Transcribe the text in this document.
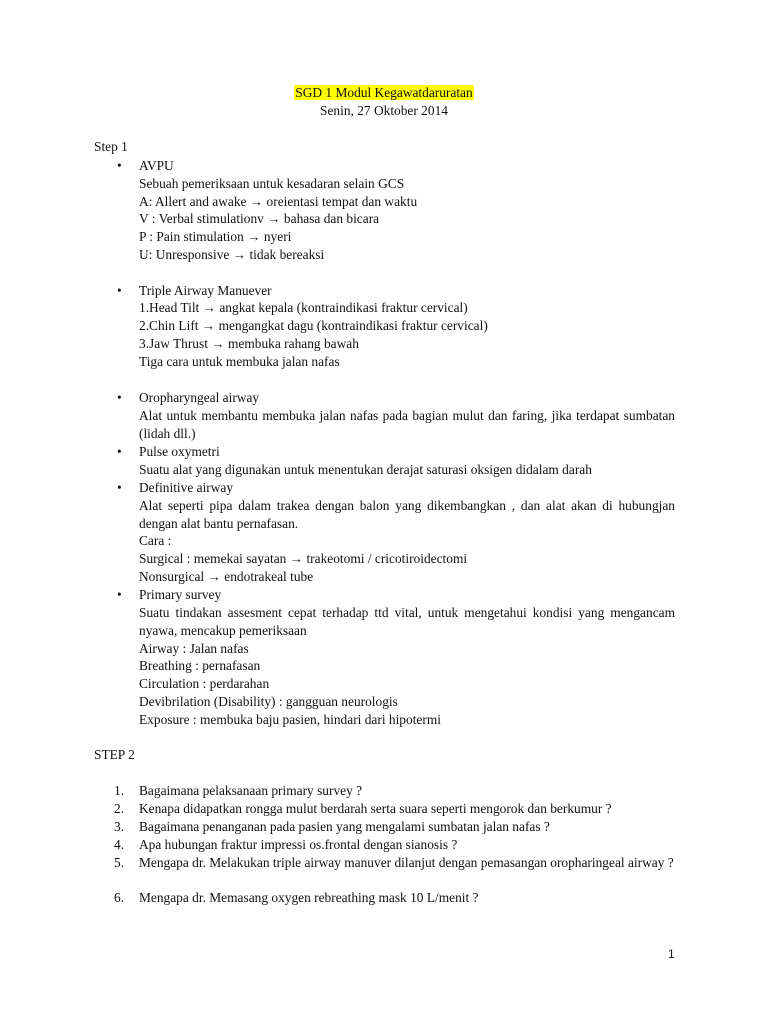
SGD 1 Modul Kegawatdaruratan
Senin, 27 Oktober 2014
Step 1
•	AVPU
Sebuah pemeriksaan untuk kesadaran selain GCS
A: Allert and awake → oreientasi tempat dan waktu
V : Verbal stimulationv → bahasa dan bicara
P : Pain stimulation → nyeri
U: Unresponsive → tidak bereaksi
•	Triple Airway Manuever
1.Head Tilt → angkat kepala (kontraindikasi fraktur cervical)
2.Chin Lift → mengangkat dagu (kontraindikasi fraktur cervical)
3.Jaw Thrust → membuka rahang bawah
Tiga cara untuk membuka jalan nafas
•	Oropharyngeal airway
Alat untuk membantu membuka jalan nafas pada bagian mulut dan faring, jika terdapat sumbatan (lidah dll.)
•	Pulse oxymetri
Suatu alat yang digunakan untuk menentukan derajat saturasi oksigen didalam darah
•	Definitive airway
Alat seperti pipa dalam trakea dengan balon yang dikembangkan , dan alat akan di hubungjan dengan alat bantu pernafasan.
Cara :
Surgical : memekai sayatan → trakeotomi / cricotiroidectomi
Nonsurgical → endotrakeal tube
•	Primary survey
Suatu tindakan assesment cepat terhadap ttd vital, untuk mengetahui kondisi yang mengancam nyawa, mencakup pemeriksaan
Airway : Jalan nafas
Breathing : pernafasan
Circulation : perdarahan
Devibrilation (Disability) : gangguan neurologis
Exposure : membuka baju pasien, hindari dari hipotermi
STEP 2
1.	Bagaimana pelaksanaan primary survey ?
2.	Kenapa didapatkan rongga mulut berdarah serta suara seperti mengorok dan berkumur ?
3.	Bagaimana penanganan pada pasien yang mengalami sumbatan jalan nafas ?
4.	Apa hubungan fraktur impressi os.frontal dengan sianosis ?
5.	Mengapa dr. Melakukan triple airway manuver dilanjut dengan pemasangan oropharingeal airway ?
6.	Mengapa dr. Memasang oxygen rebreathing mask 10 L/menit ?
1
